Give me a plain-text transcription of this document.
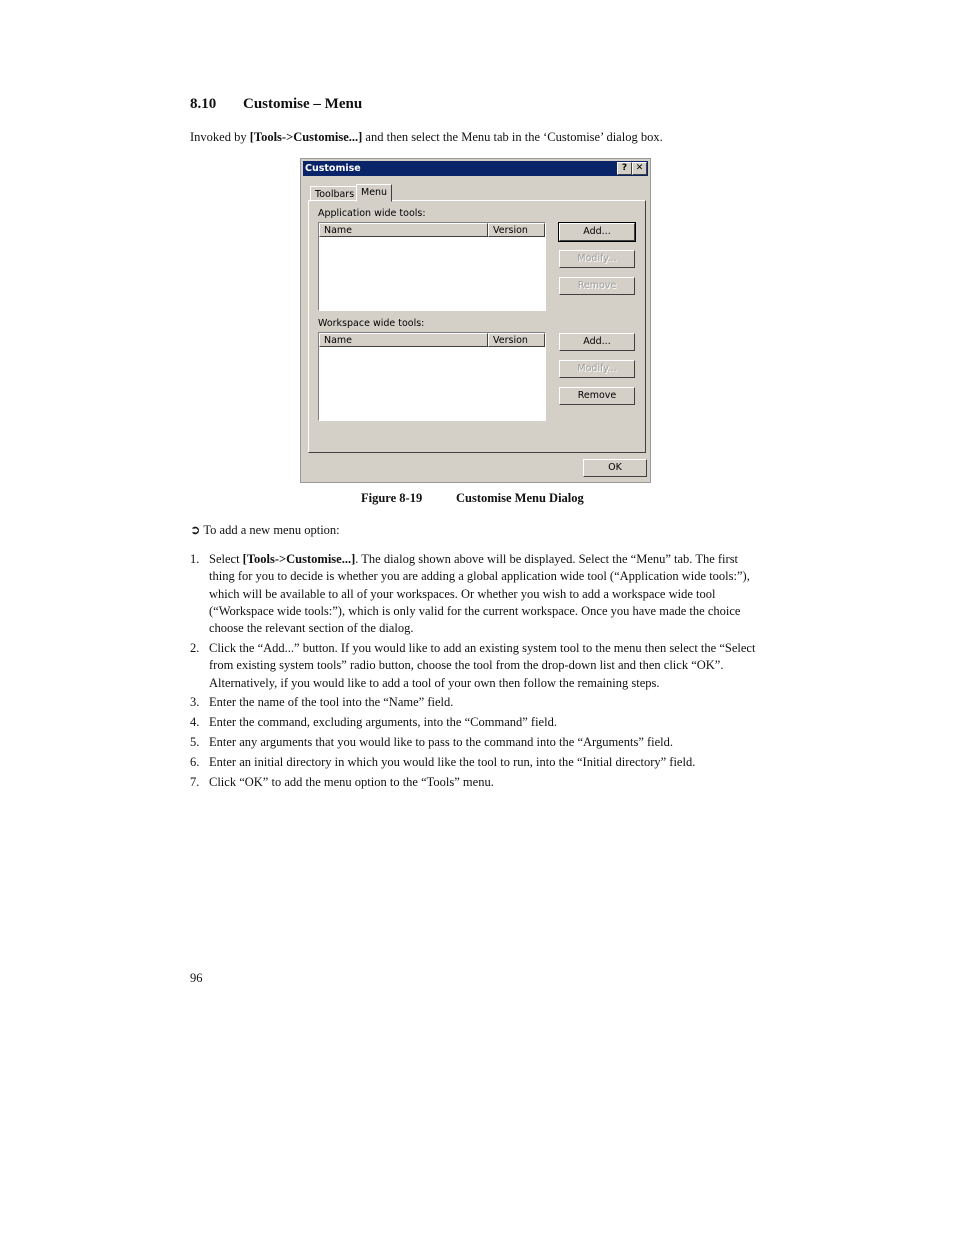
8.10 Customise – Menu
Invoked by [Tools->Customise...] and then select the Menu tab in the ‘Customise’ dialog box.
Customise	? ✕
Toolbars Menu
Application wide tools:
Name	Version	Add...
Modify...
Remove
Workspace wide tools:
Name	Version	Add...
Modify...
Remove
OK
Figure 8-19	Customise Menu Dialog
➲ To add a new menu option:
1. Select [Tools->Customise...]. The dialog shown above will be displayed. Select the “Menu” tab. The first thing for you to decide is whether you are adding a global application wide tool (“Application wide tools:”), which will be available to all of your workspaces. Or whether you wish to add a workspace wide tool (“Workspace wide tools:”), which is only valid for the current workspace. Once you have made the choice choose the relevant section of the dialog.
2. Click the “Add...” button. If you would like to add an existing system tool to the menu then select the “Select from existing system tools” radio button, choose the tool from the drop-down list and then click “OK”. Alternatively, if you would like to add a tool of your own then follow the remaining steps.
3. Enter the name of the tool into the “Name” field.
4. Enter the command, excluding arguments, into the “Command” field.
5. Enter any arguments that you would like to pass to the command into the “Arguments” field.
6. Enter an initial directory in which you would like the tool to run, into the “Initial directory” field.
7. Click “OK” to add the menu option to the “Tools” menu.
96
